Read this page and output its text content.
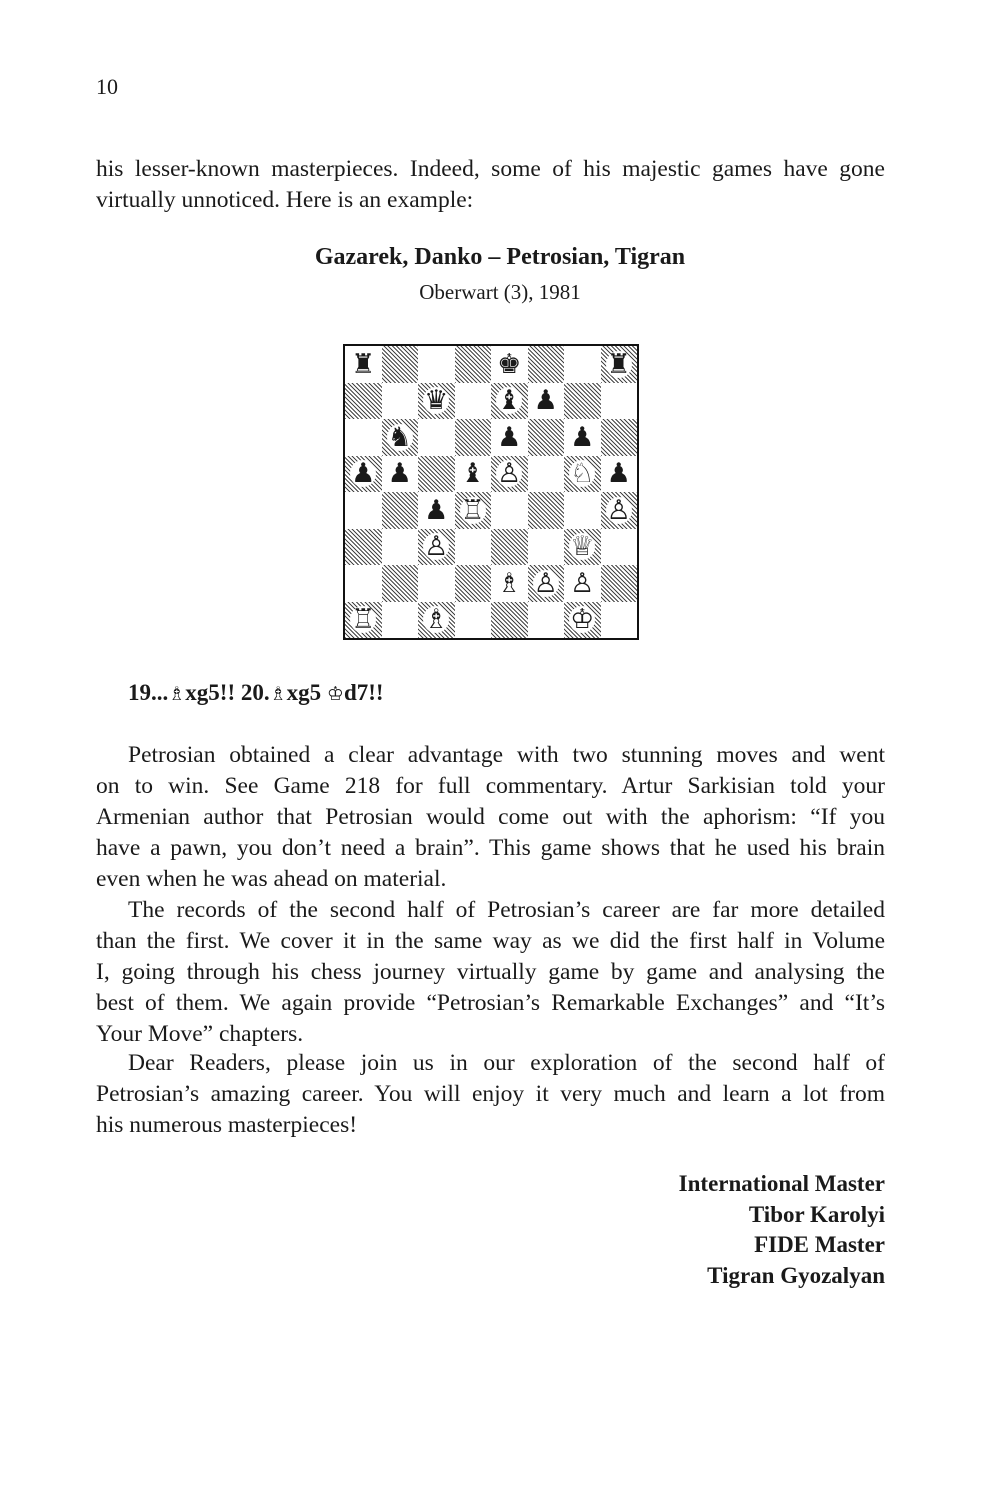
10
his lesser-known masterpieces. Indeed, some of his majestic games have gone
virtually unnoticed. Here is an example:
Gazarek, Danko – Petrosian, Tigran
Oberwart (3), 1981
♜	♚	♜
♛ ♝ ♟
♞	♟ ♟
♟ ♟ ♝ ♙ ♘ ♟
♟ ♖	♙
♙	♕
♗ ♙ ♙
♖ ♗	♔
19...♗xg5!! 20.♗xg5 ♔d7!!
Petrosian obtained a clear advantage with two stunning moves and went
on to win. See Game 218 for full commentary. Artur Sarkisian told your
Armenian author that Petrosian would come out with the aphorism: “If you
have a pawn, you don’t need a brain”. This game shows that he used his brain
even when he was ahead on material.
The records of the second half of Petrosian’s career are far more detailed
than the first. We cover it in the same way as we did the first half in Volume
I, going through his chess journey virtually game by game and analysing the
best of them. We again provide “Petrosian’s Remarkable Exchanges” and “It’s
Your Move” chapters.
Dear Readers, please join us in our exploration of the second half of
Petrosian’s amazing career. You will enjoy it very much and learn a lot from
his numerous masterpieces!
International Master
Tibor Karolyi
FIDE Master
Tigran Gyozalyan
